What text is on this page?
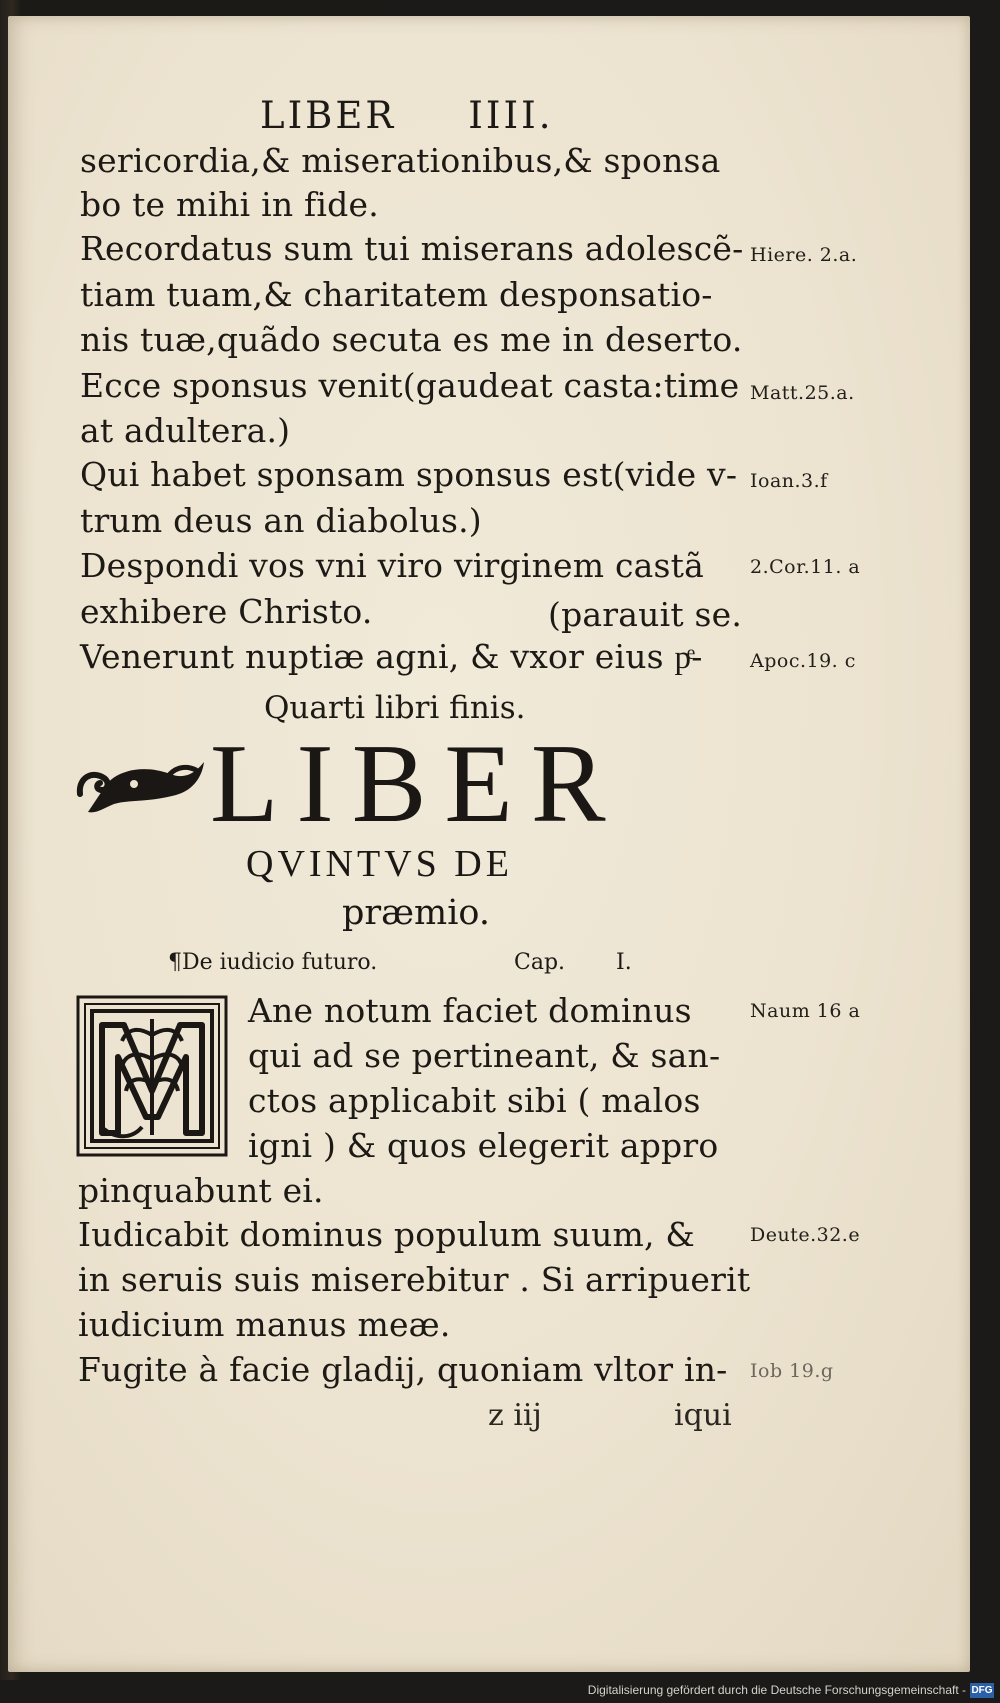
LIBER IIII.
sericordia,& miserationibus,& sponsa
bo te mihi in fide.
Recordatus sum tui miserans adolescẽ-
tiam tuam,& charitatem desponsatio-
nis tuæ,quãdo secuta es me in deserto.
Ecce sponsus venit(gaudeat casta:time
at adultera.)
Qui habet sponsam sponsus est(vide v-
trum deus an diabolus.)
Despondi vos vni viro virginem castã
exhibere Christo.	(parauit se.
Venerunt nuptiæ agni, & vxor eius pͤ-
Hiere. 2.a.
Matt.25.a.
Ioan.3.f
2.Cor.11. a
Apoc.19. c
Quarti libri finis.
LIBER
QVINTVS DE
præmio.
¶De iudicio futuro.	Cap. I.
Ane notum faciet dominus
qui ad se pertineant, & san-
ctos applicabit sibi ( malos
igni ) & quos elegerit appro
pinquabunt ei.
Iudicabit dominus populum suum, &
in seruis suis miserebitur . Si arripuerit
iudicium manus meæ.
Fugite à facie gladij, quoniam vltor in-
Naum 16 a
Deute.32.e
Iob 19.g
z iij	iqui
Digitalisierung gefördert durch die Deutsche Forschungsgemeinschaft - DFG
